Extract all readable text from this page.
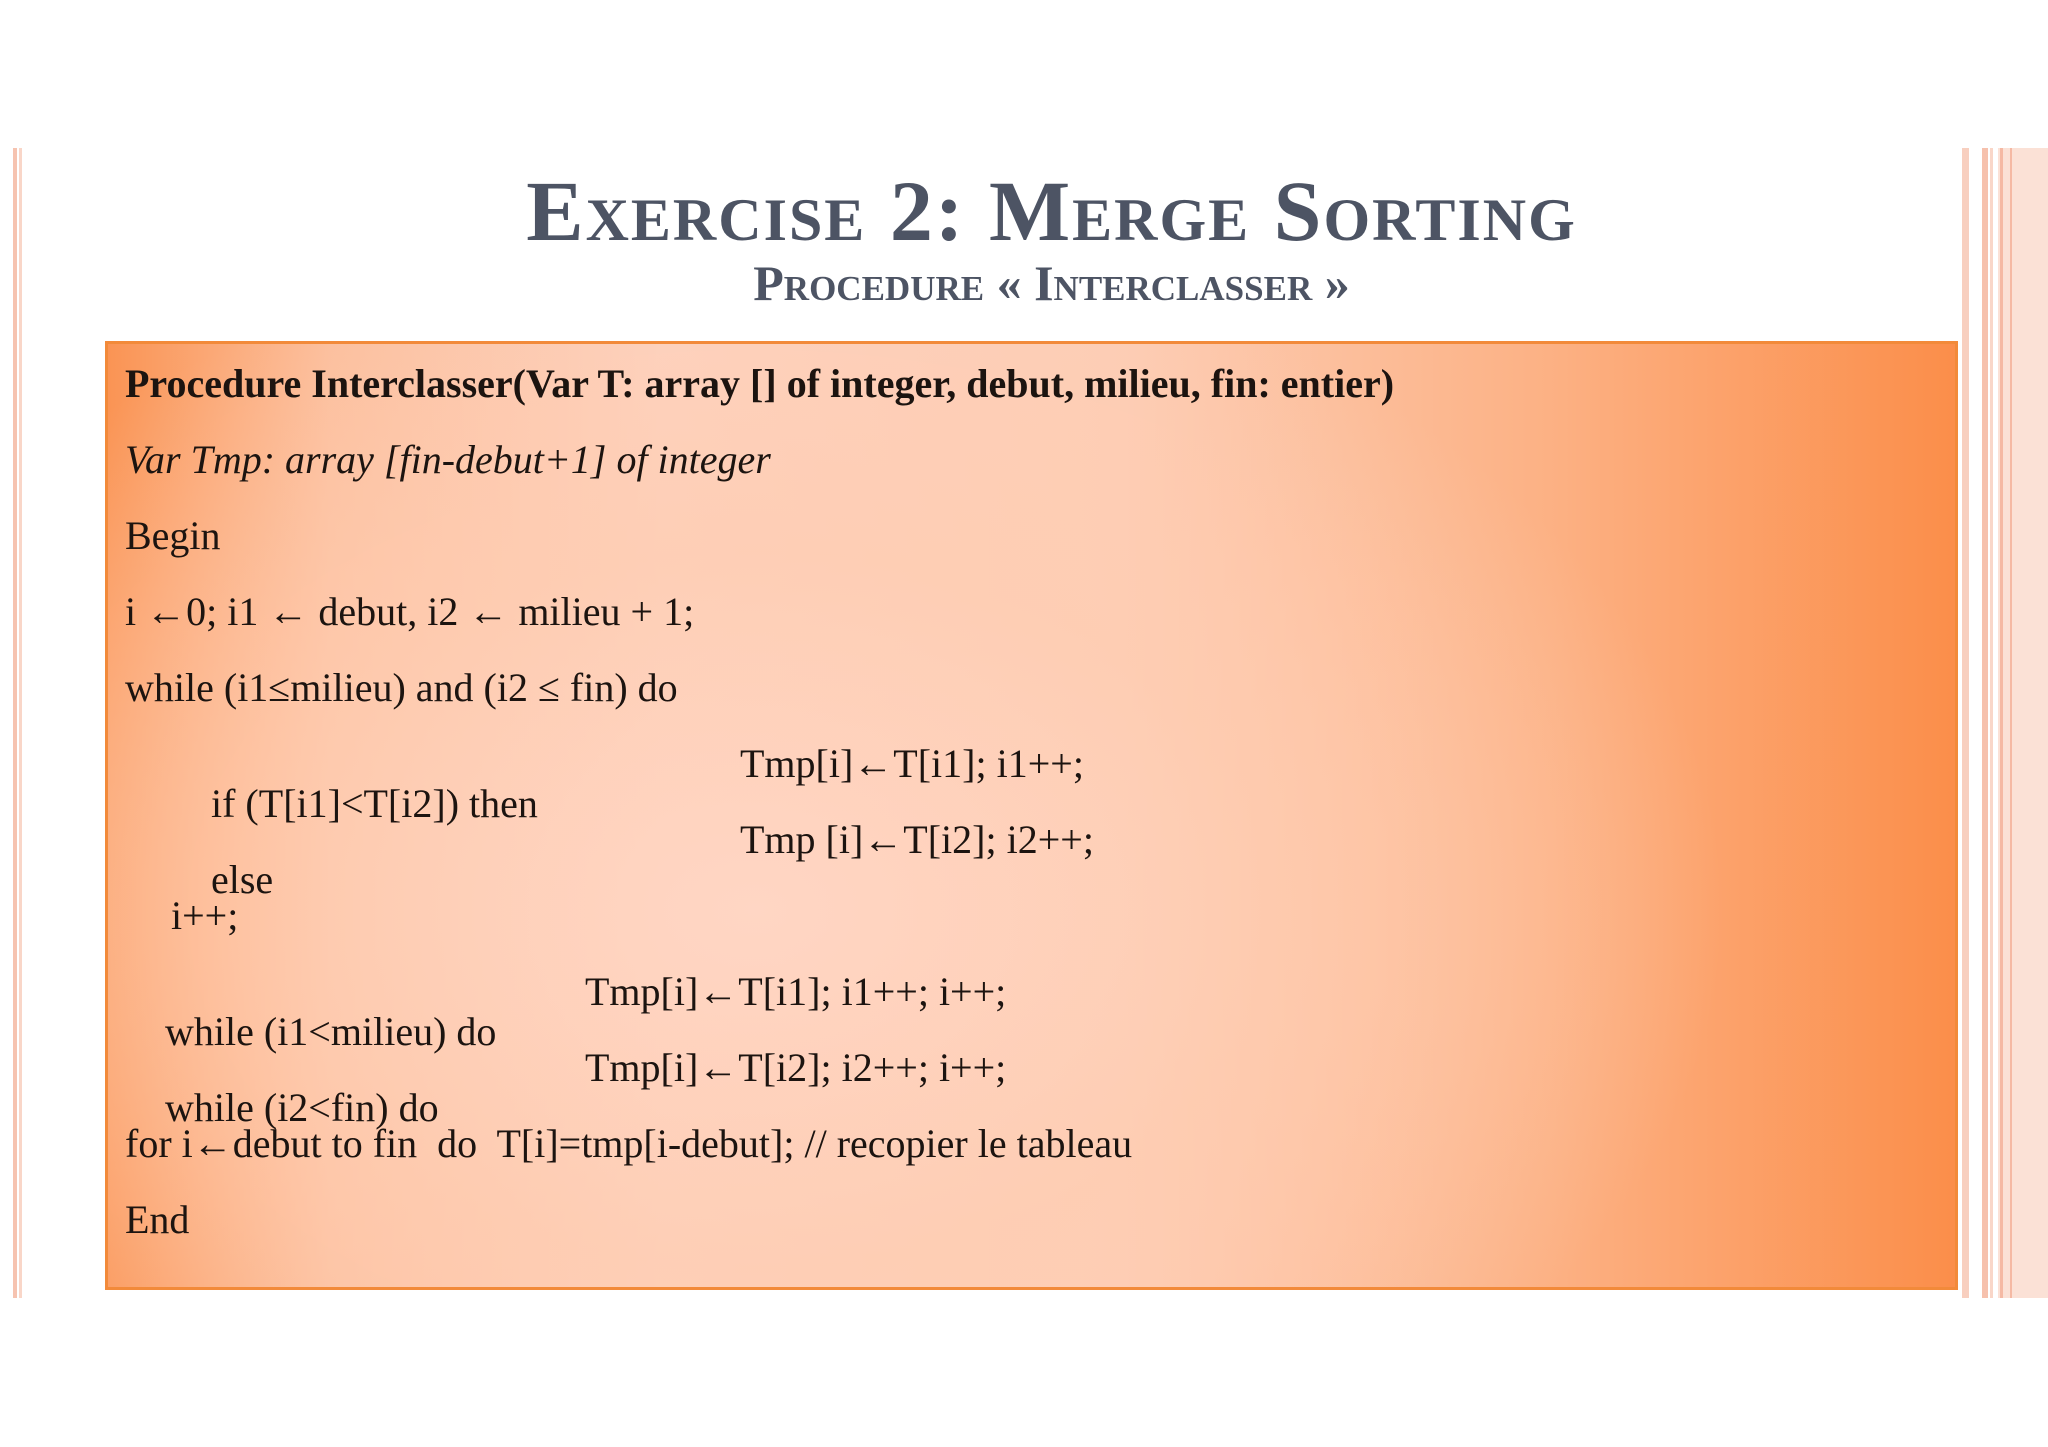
Exercise 2: Merge Sorting
Procedure « Interclasser »
Procedure Interclasser(Var T: array [] of integer, debut, milieu, fin: entier)
Var Tmp: array [fin-debut+1] of integer
Begin
i ←0; i1 ← debut, i2 ← milieu + 1;
while (i1≤milieu) and (i2 ≤ fin) do

if (T[i1]<T[i2]) then

Tmp[i]←T[i1]; i1++;

else

Tmp [i]←T[i2]; i2++;

i++;

while (i1<milieu) do

Tmp[i]←T[i1]; i1++; i++;

while (i2<fin) do

Tmp[i]←T[i2]; i2++; i++;

for i←debut to fin  do  T[i]=tmp[i-debut]; // recopier le tableau
End
